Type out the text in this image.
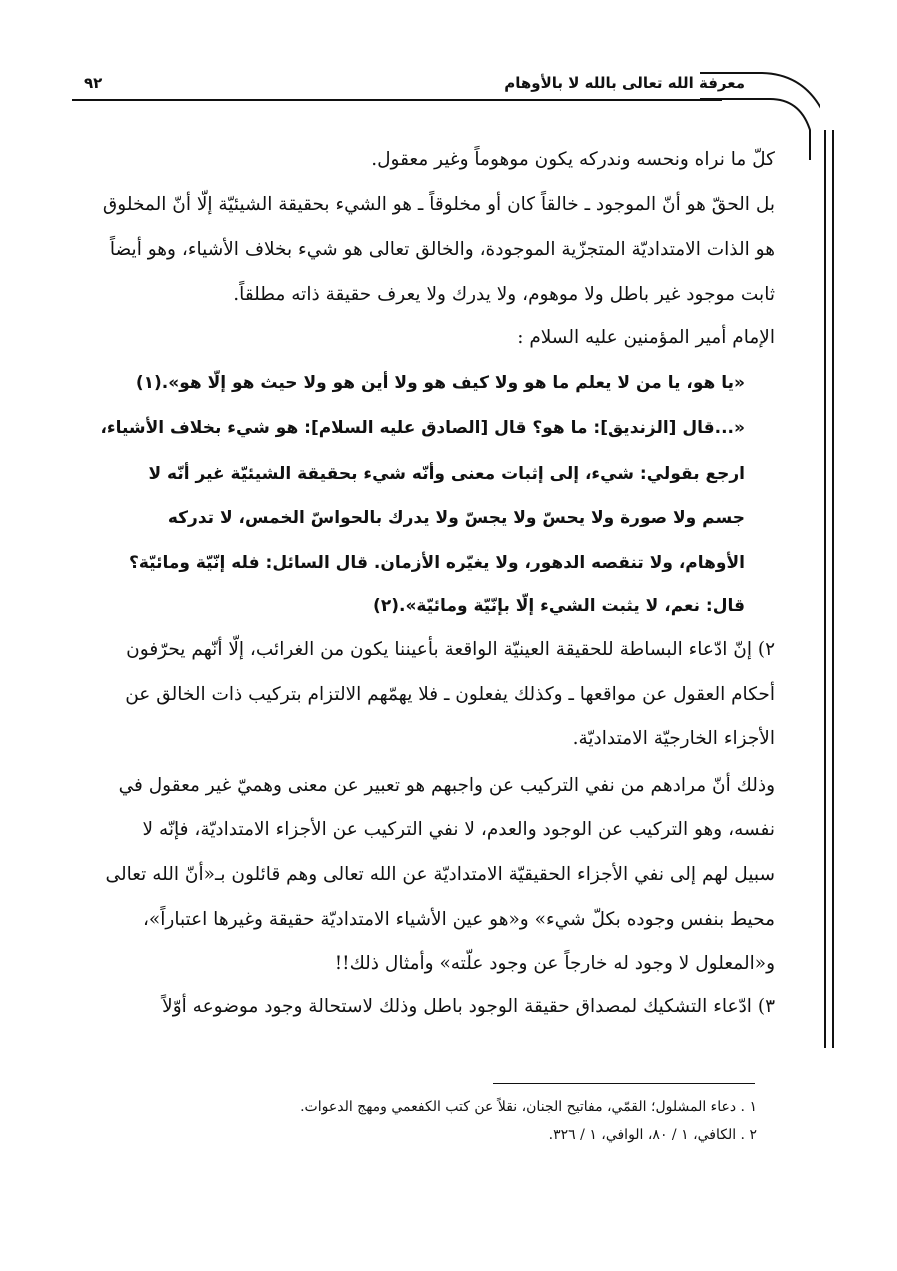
معرفة الله تعالى بالله لا بالأوهام
٩٢
كلّ ما نراه ونحسه وندركه يكون موهوماً وغير معقول.
بل الحقّ هو أنّ الموجود ـ خالقاً كان أو مخلوقاً ـ هو الشيء بحقيقة الشيئيّة إلّا أنّ المخلوق
هو الذات الامتداديّة المتجزّية الموجودة، والخالق تعالى هو شيء بخلاف الأشياء، وهو أيضاً
ثابت موجود غير باطل ولا موهوم، ولا يدرك ولا يعرف حقيقة ذاته مطلقاً.
الإمام أمير المؤمنين عليه السلام :
«يا هو، يا من لا يعلم ما هو ولا كيف هو ولا أين هو ولا حيث هو إلّا هو».(١)
«...قال [الزنديق]: ما هو؟ قال [الصادق عليه السلام]: هو شيء بخلاف الأشياء،
ارجع بقولي: شيء، إلى إثبات معنى وأنّه شيء بحقيقة الشيئيّة غير أنّه لا
جسم ولا صورة ولا يحسّ ولا يجسّ ولا يدرك بالحواسّ الخمس، لا تدركه
الأوهام، ولا تنقصه الدهور، ولا يغيّره الأزمان. قال السائل: فله إنّيّة ومائيّة؟
قال: نعم، لا يثبت الشيء إلّا بإنّيّة ومائيّة».(٢)
٢) إنّ ادّعاء البساطة للحقيقة العينيّة الواقعة بأعيننا يكون من الغرائب، إلّا أنّهم يحرّفون
أحكام العقول عن مواقعها ـ وكذلك يفعلون ـ فلا يهمّهم الالتزام بتركيب ذات الخالق عن
الأجزاء الخارجيّة الامتداديّة.
وذلك أنّ مرادهم من نفي التركيب عن واجبهم هو تعبير عن معنى وهميّ غير معقول في
نفسه، وهو التركيب عن الوجود والعدم، لا نفي التركيب عن الأجزاء الامتداديّة، فإنّه لا
سبيل لهم إلى نفي الأجزاء الحقيقيّة الامتداديّة عن الله تعالى وهم قائلون بـ«أنّ الله تعالى
محيط بنفس وجوده بكلّ شيء» و«هو عين الأشياء الامتداديّة حقيقة وغيرها اعتباراً»،
و«المعلول لا وجود له خارجاً عن وجود علّته» وأمثال ذلك!!
٣) ادّعاء التشكيك لمصداق حقيقة الوجود باطل وذلك لاستحالة وجود موضوعه أوّلاً
١ . دعاء المشلول؛ القمّي، مفاتيح الجنان، نقلاً عن كتب الكفعمي ومهج الدعوات.
٢ . الكافي، ١ / ٨٠، الوافي، ١ / ٣٢٦.
